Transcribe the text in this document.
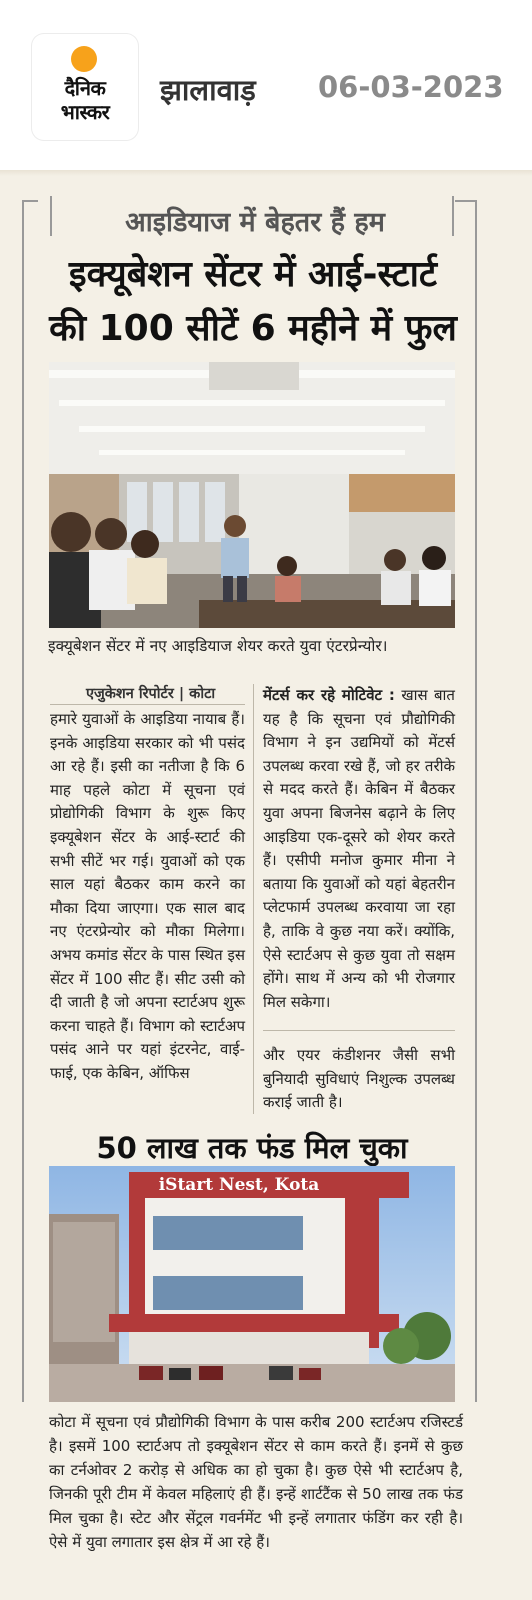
दैनिक
भास्कर
झालावाड़ 06-03-2023
आइडियाज में बेहतर हैं हम
इक्यूबेशन सेंटर में आई-स्टार्ट
की 100 सीटें 6 महीने में फुल
इक्यूबेशन सेंटर में नए आइडियाज शेयर करते युवा एंटरप्रेन्योर।
एजुकेशन रिपोर्टर | कोटा
हमारे युवाओं के आइडिया नायाब हैं। इनके आइडिया सरकार को भी पसंद आ रहे हैं। इसी का नतीजा है कि 6 माह पहले कोटा में सूचना एवं प्रोद्योगिकी विभाग के शुरू किए इक्यूबेशन सेंटर के आई-स्टार्ट की सभी सीटें भर गई। युवाओं को एक साल यहां बैठकर काम करने का मौका दिया जाएगा। एक साल बाद नए एंटरप्रेन्योर को मौका मिलेगा। अभय कमांड सेंटर के पास स्थित इस सेंटर में 100 सीट हैं। सीट उसी को दी जाती है जो अपना स्टार्टअप शुरू करना चाहते हैं। विभाग को स्टार्टअप पसंद आने पर यहां इंटरनेट, वाई-फाई, एक केबिन, ऑफिस
मेंटर्स कर रहे मोटिवेट : खास बात यह है कि सूचना एवं प्रौद्योगिकी विभाग ने इन उद्यमियों को मेंटर्स उपलब्ध करवा रखे हैं, जो हर तरीके से मदद करते हैं। केबिन में बैठकर युवा अपना बिजनेस बढ़ाने के लिए आइडिया एक-दूसरे को शेयर करते हैं। एसीपी मनोज कुमार मीना ने बताया कि युवाओं को यहां बेहतरीन प्लेटफार्म उपलब्ध करवाया जा रहा है, ताकि वे कुछ नया करें। क्योंकि, ऐसे स्टार्टअप से कुछ युवा तो सक्षम होंगे। साथ में अन्य को भी रोजगार मिल सकेगा।
और एयर कंडीशनर जैसी सभी बुनियादी सुविधाएं निशुल्क उपलब्ध कराई जाती है।
50 लाख तक फंड मिल चुका
iStart Nest, Kota
कोटा में सूचना एवं प्रौद्योगिकी विभाग के पास करीब 200 स्टार्टअप रजिस्टर्ड है। इसमें 100 स्टार्टअप तो इक्यूबेशन सेंटर से काम करते हैं। इनमें से कुछ का टर्नओवर 2 करोड़ से अधिक का हो चुका है। कुछ ऐसे भी स्टार्टअप है, जिनकी पूरी टीम में केवल महिलाएं ही हैं। इन्हें शार्टटैंक से 50 लाख तक फंड मिल चुका है। स्टेट और सेंट्रल गवर्नमेंट भी इन्हें लगातार फंडिंग कर रही है। ऐसे में युवा लगातार इस क्षेत्र में आ रहे हैं।
